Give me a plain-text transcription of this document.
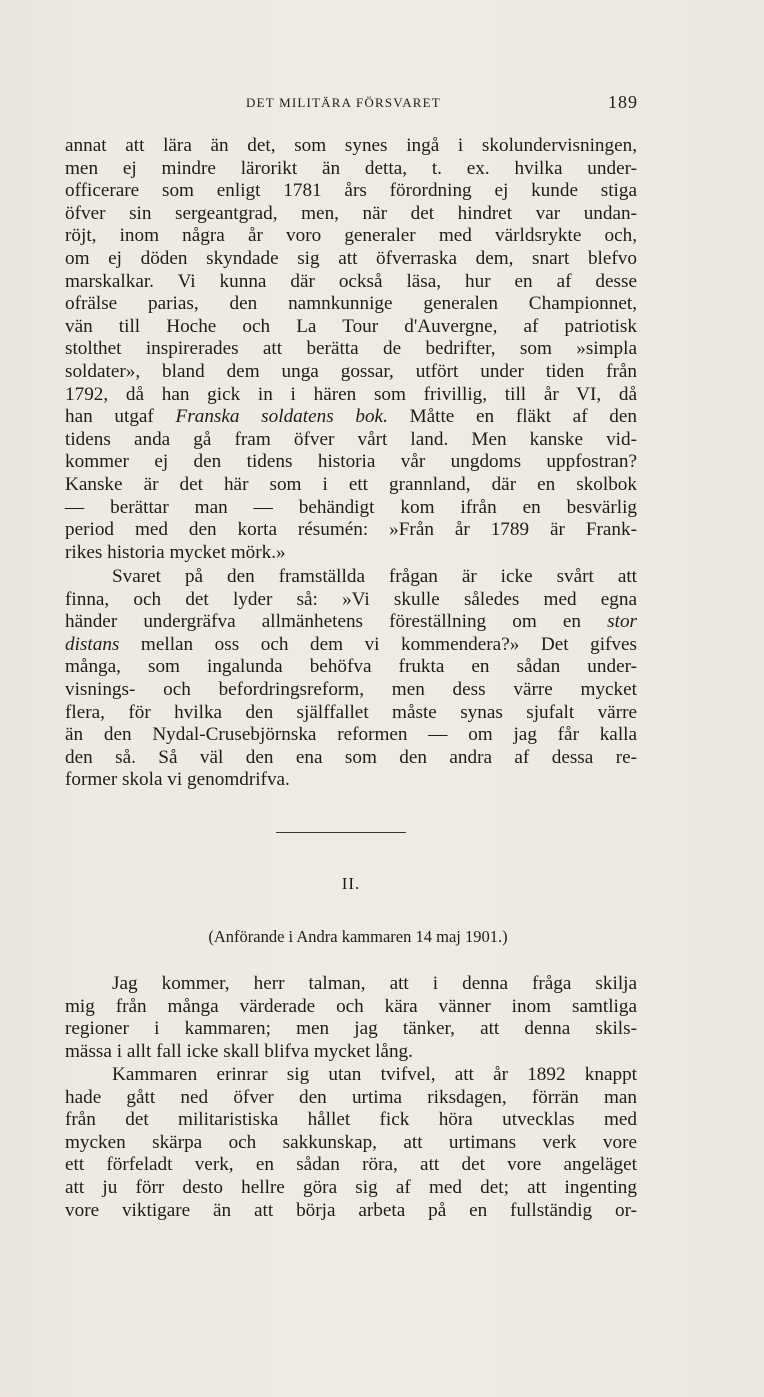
DET MILITÄRA FÖRSVARET	189
annat att lära än det, som synes ingå i skolundervisningen,
men ej mindre lärorikt än detta, t. ex. hvilka under-
officerare som enligt 1781 års förordning ej kunde stiga
öfver sin sergeantgrad, men, när det hindret var undan-
röjt, inom några år voro generaler med världsrykte och,
om ej döden skyndade sig att öfverraska dem, snart blefvo
marskalkar. Vi kunna där också läsa, hur en af desse
ofrälse parias, den namnkunnige generalen Championnet,
vän till Hoche och La Tour d'Auvergne, af patriotisk
stolthet inspirerades att berätta de bedrifter, som »simpla
soldater», bland dem unga gossar, utfört under tiden från
1792, då han gick in i hären som frivillig, till år VI, då
han utgaf Franska soldatens bok. Måtte en fläkt af den
tidens anda gå fram öfver vårt land. Men kanske vid-
kommer ej den tidens historia vår ungdoms uppfostran?
Kanske är det här som i ett grannland, där en skolbok
— berättar man — behändigt kom ifrån en besvärlig
period med den korta résumén: »Från år 1789 är Frank-
rikes historia mycket mörk.»
Svaret på den framställda frågan är icke svårt att
finna, och det lyder så: »Vi skulle således med egna
händer undergräfva allmänhetens föreställning om en stor
distans mellan oss och dem vi kommendera?» Det gifves
många, som ingalunda behöfva frukta en sådan under-
visnings- och befordringsreform, men dess värre mycket
flera, för hvilka den själffallet måste synas sjufalt värre
än den Nydal-Crusebjörnska reformen — om jag får kalla
den så. Så väl den ena som den andra af dessa re-
former skola vi genomdrifva.
II.
(Anförande i Andra kammaren 14 maj 1901.)
Jag kommer, herr talman, att i denna fråga skilja
mig från många värderade och kära vänner inom samtliga
regioner i kammaren; men jag tänker, att denna skils-
mässa i allt fall icke skall blifva mycket lång.
Kammaren erinrar sig utan tvifvel, att år 1892 knappt
hade gått ned öfver den urtima riksdagen, förrän man
från det militaristiska hållet fick höra utvecklas med
mycken skärpa och sakkunskap, att urtimans verk vore
ett förfeladt verk, en sådan röra, att det vore angeläget
att ju förr desto hellre göra sig af med det; att ingenting
vore viktigare än att börja arbeta på en fullständig or-
